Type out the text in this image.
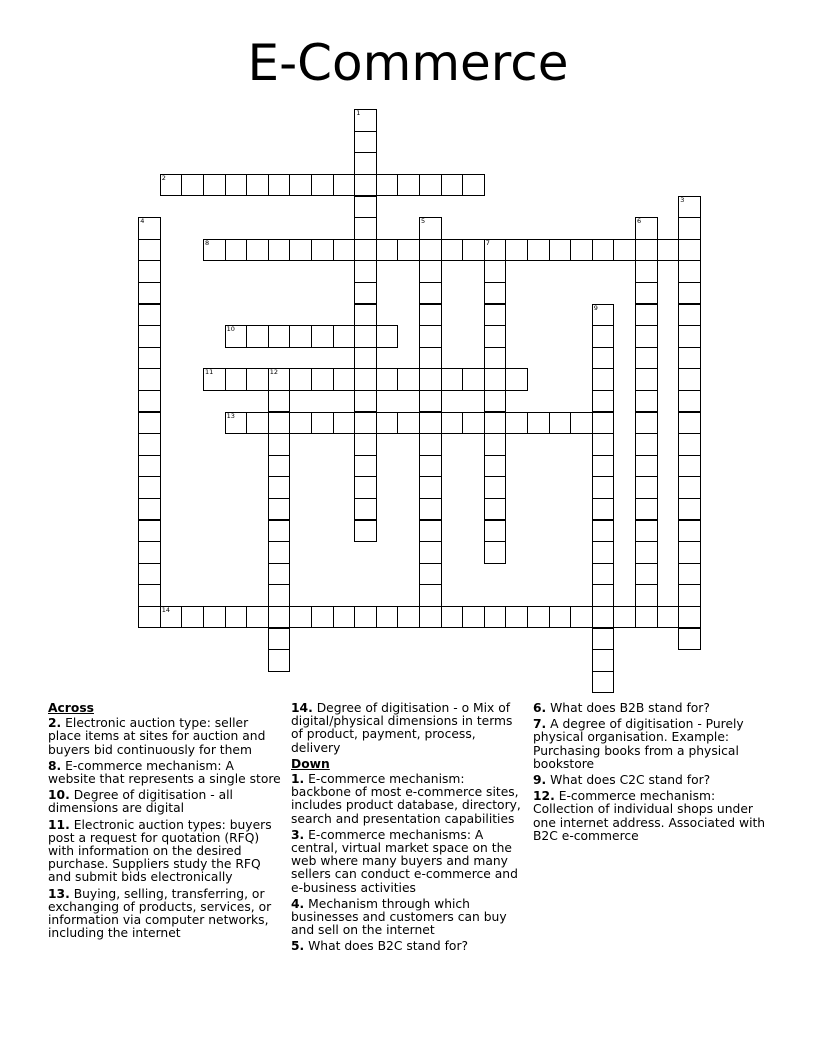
E-Commerce
2
8	7
10
11	12
13
14
1
3
4	5	6
9
Across
2. Electronic auction type: seller place items at sites for auction and buyers bid continuously for them
8. E-commerce mechanism: A website that represents a single store
10. Degree of digitisation - all dimensions are digital
11. Electronic auction types: buyers post a request for quotation (RFQ) with information on the desired purchase. Suppliers study the RFQ and submit bids electronically
13. Buying, selling, transferring, or exchanging of products, services, or information via computer networks, including the internet
14. Degree of digitisation - o Mix of digital/physical dimensions in terms of product, payment, process, delivery
Down
1. E-commerce mechanism: backbone of most e-commerce sites, includes product database, directory, search and presentation capabilities
3. E-commerce mechanisms: A central, virtual market space on the web where many buyers and many sellers can conduct e-commerce and e-business activities
4. Mechanism through which businesses and customers can buy and sell on the internet
5. What does B2C stand for?
6. What does B2B stand for?
7. A degree of digitisation - Purely physical organisation. Example: Purchasing books from a physical bookstore
9. What does C2C stand for?
12. E-commerce mechanism: Collection of individual shops under one internet address. Associated with B2C e-commerce
